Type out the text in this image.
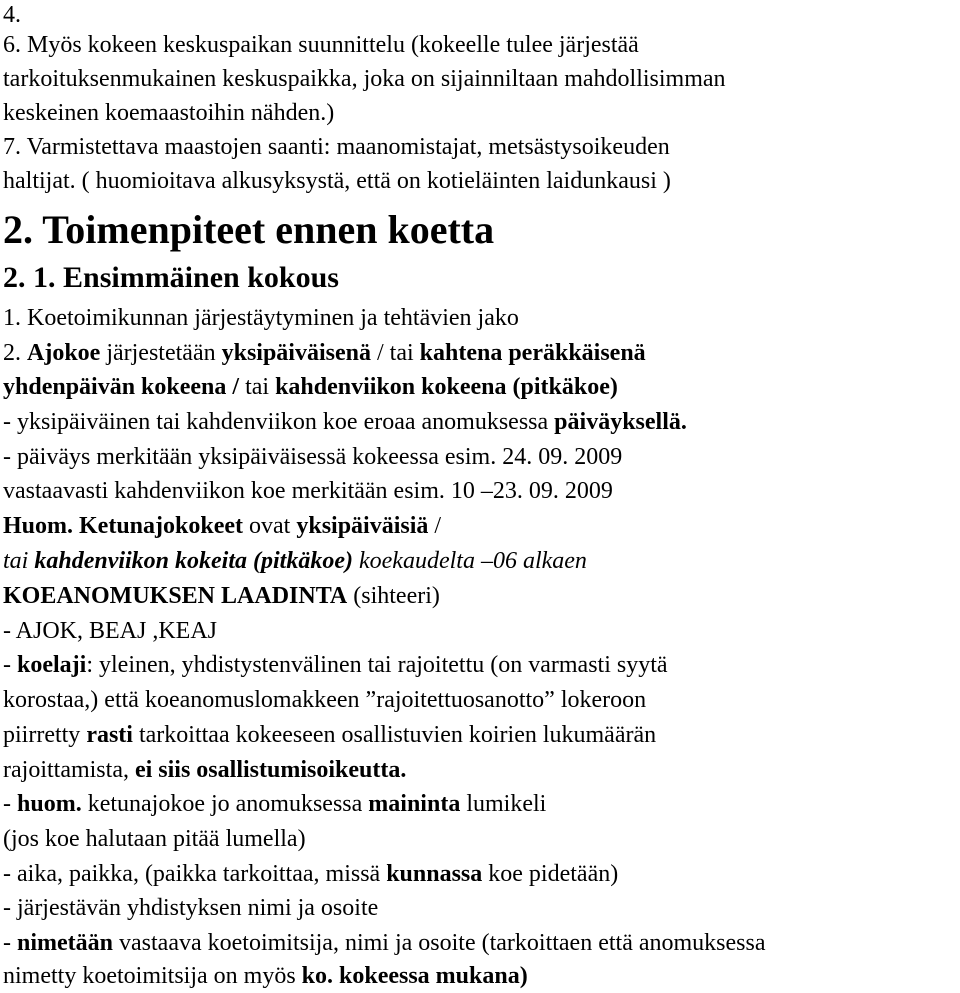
4.
6. Myös kokeen keskuspaikan suunnittelu (kokeelle tulee järjestää
tarkoituksenmukainen keskuspaikka, joka on sijainniltaan mahdollisimman
keskeinen koemaastoihin nähden.)
7. Varmistettava maastojen saanti: maanomistajat, metsästysoikeuden
haltijat. ( huomioitava alkusyksystä, että on kotieläinten laidunkausi )
2. Toimenpiteet ennen koetta
2. 1. Ensimmäinen kokous
1. Koetoimikunnan järjestäytyminen ja tehtävien jako
2. Ajokoe järjestetään yksipäiväisenä / tai kahtena peräkkäisenä
yhdenpäivän kokeena / tai kahdenviikon kokeena (pitkäkoe)
- yksipäiväinen tai kahdenviikon koe eroaa anomuksessa päiväyksellä.
- päiväys merkitään yksipäiväisessä kokeessa esim. 24. 09. 2009
vastaavasti kahdenviikon koe merkitään esim. 10 –23. 09. 2009
Huom. Ketunajokokeet ovat yksipäiväisiä /
tai kahdenviikon kokeita (pitkäkoe) koekaudelta –06 alkaen
KOEANOMUKSEN LAADINTA (sihteeri)
- AJOK, BEAJ ,KEAJ
- koelaji: yleinen, yhdistystenvälinen tai rajoitettu (on varmasti syytä
korostaa,) että koeanomuslomakkeen ”rajoitettuosanotto” lokeroon
piirretty rasti tarkoittaa kokeeseen osallistuvien koirien lukumäärän
rajoittamista, ei siis osallistumisoikeutta.
- huom. ketunajokoe jo anomuksessa maininta lumikeli
(jos koe halutaan pitää lumella)
- aika, paikka, (paikka tarkoittaa, missä kunnassa koe pidetään)
- järjestävän yhdistyksen nimi ja osoite
- nimetään vastaava koetoimitsija, nimi ja osoite (tarkoittaen että anomuksessa
nimetty koetoimitsija on myös ko. kokeessa mukana)
